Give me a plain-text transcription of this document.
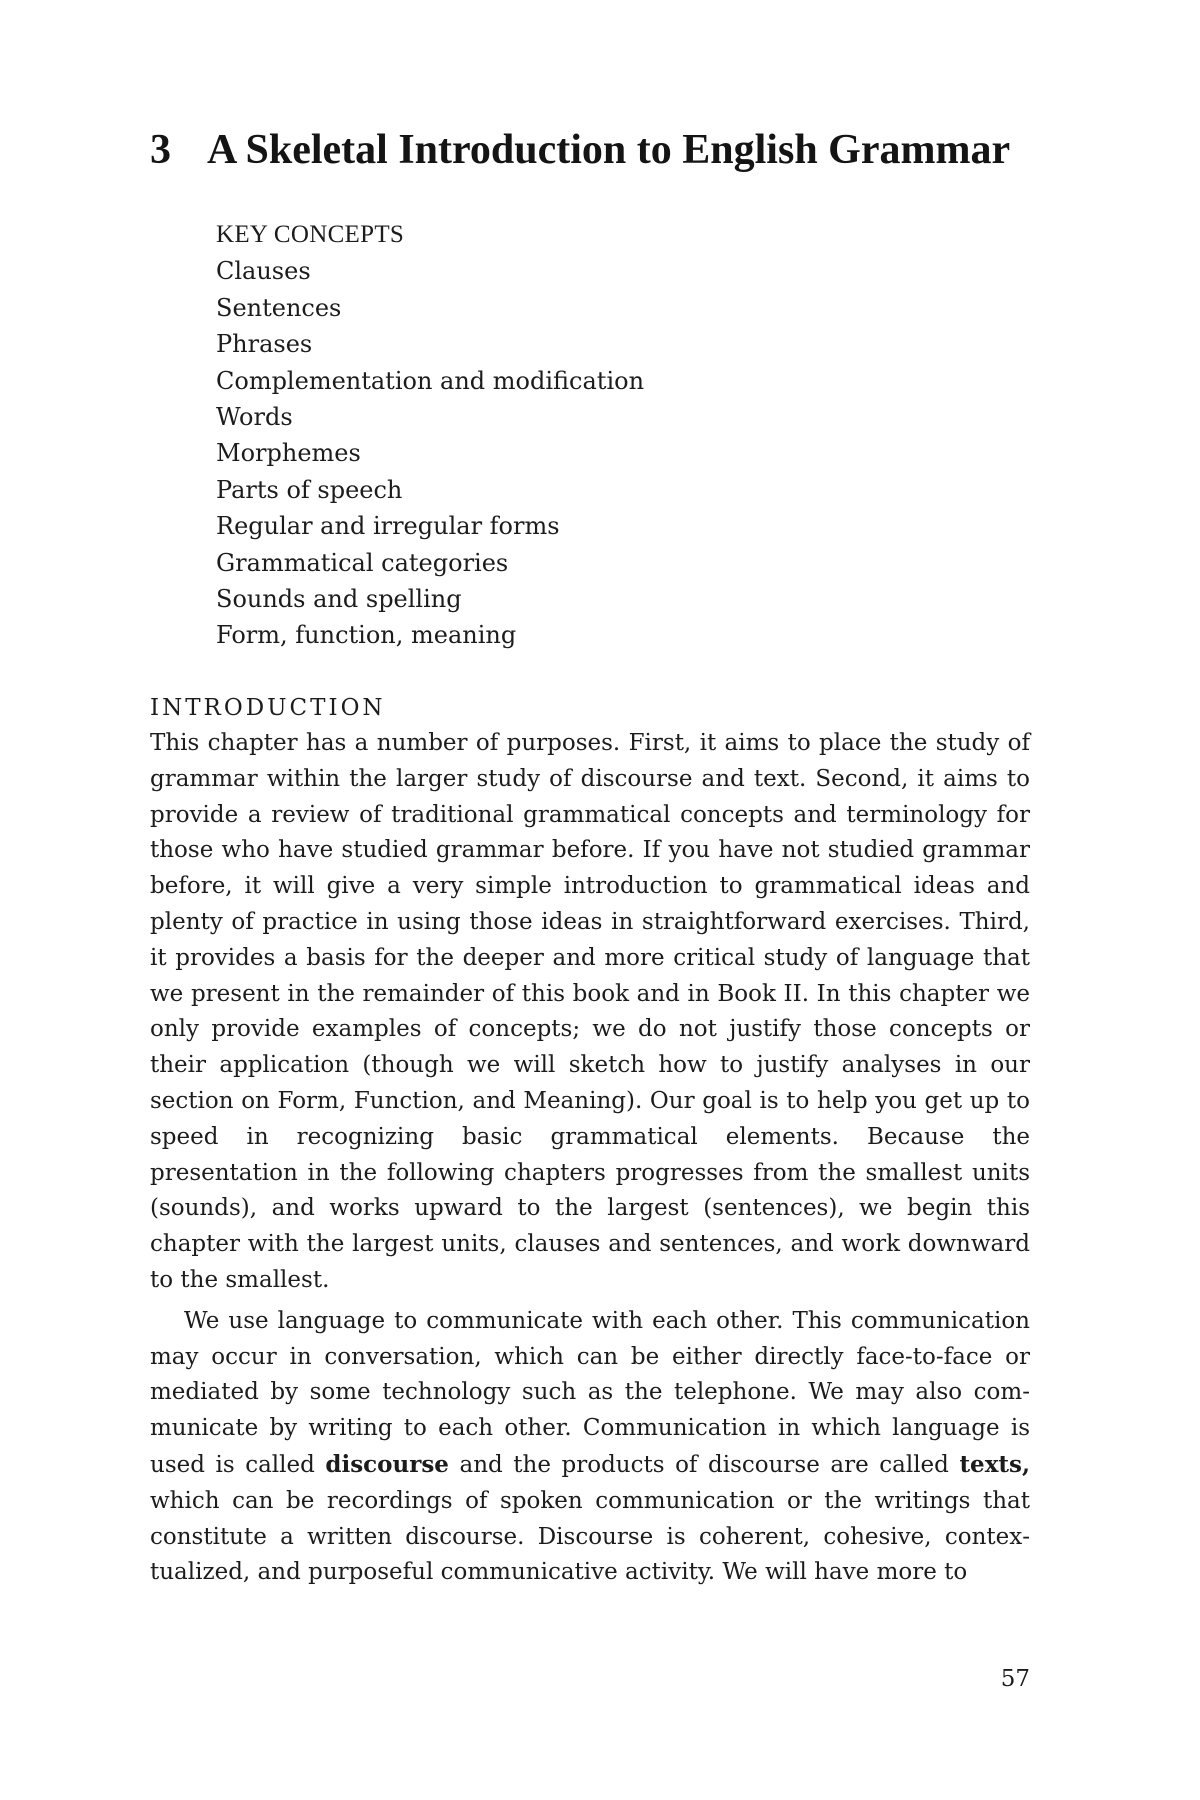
3 A Skeletal Introduction to English Grammar
KEY CONCEPTS
Clauses
Sentences
Phrases
Complementation and modification
Words
Morphemes
Parts of speech
Regular and irregular forms
Grammatical categories
Sounds and spelling
Form, function, meaning
INTRODUCTION

This chapter has a number of purposes. First, it aims to place the study of grammar within the larger study of discourse and text. Second, it aims to provide a review of traditional grammatical concepts and terminology for those who have studied grammar before. If you have not studied grammar before, it will give a very simple introduction to grammatical ideas and plenty of practice in using those ideas in straightforward exercises. Third, it provides a basis for the deeper and more critical study of language that we present in the remainder of this book and in Book II. In this chapter we only provide examples of concepts; we do not justify those concepts or their application (though we will sketch how to justify analyses in our section on Form, Function, and Meaning). Our goal is to help you get up to speed in recognizing basic grammatical elements. Because the presentation in the following chapters progresses from the smallest units (sounds), and works upward to the largest (sentences), we begin this chapter with the largest units, clauses and sentences, and work downward to the smallest.

We use language to communicate with each other. This communication may occur in conversation, which can be either directly face-to-face or mediated by some technology such as the telephone. We may also communicate by writing to each other. Communication in which language is used is called discourse and the products of discourse are called texts, which can be recordings of spoken communication or the writings that constitute a written discourse. Discourse is coherent, cohesive, contextualized, and purposeful communicative activity. We will have more to

57
